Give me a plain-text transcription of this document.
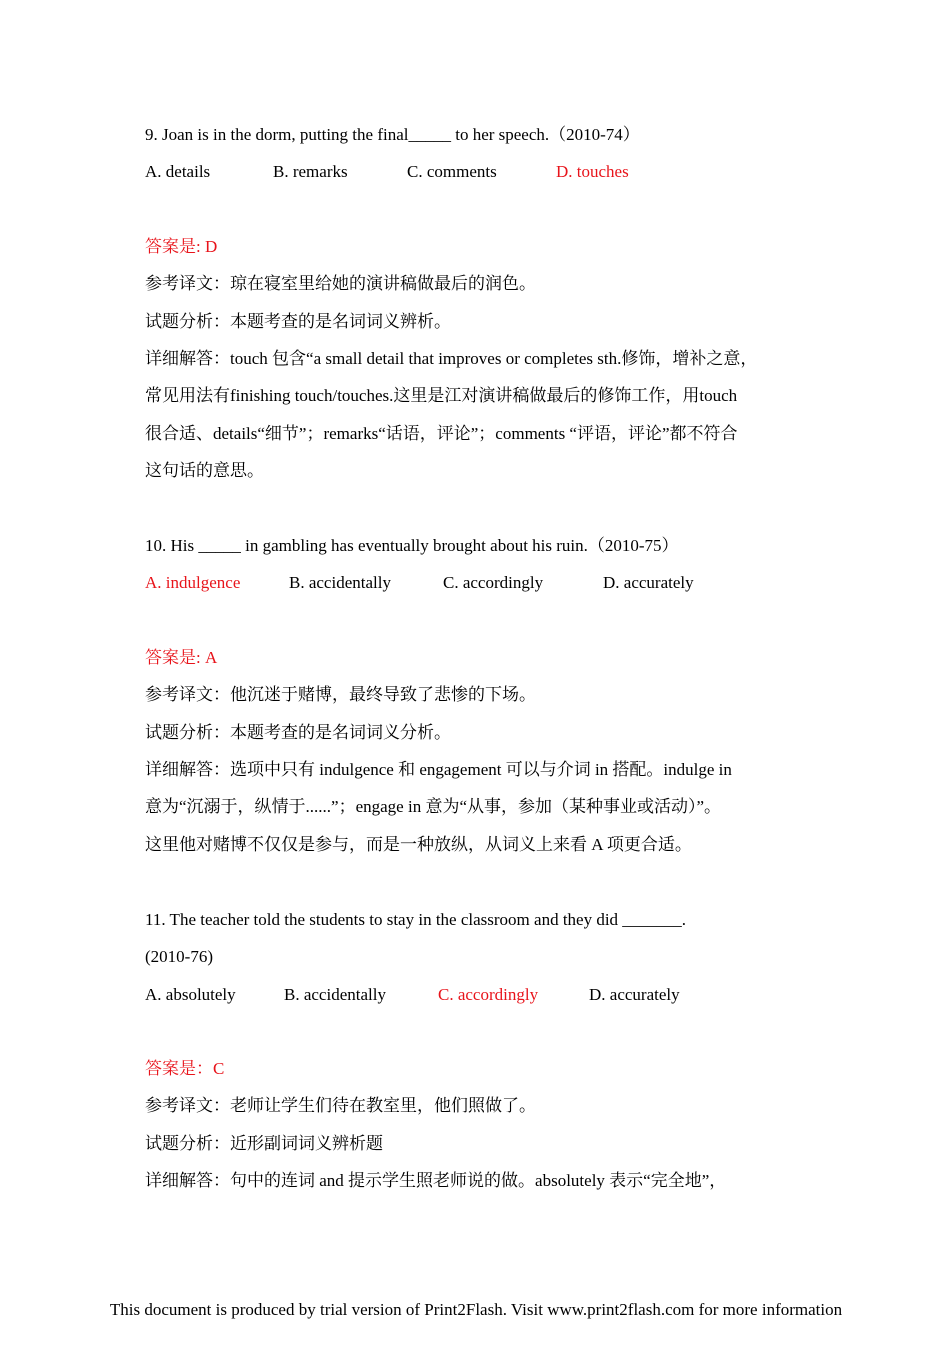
9. Joan is in the dorm, putting the final_____ to her speech.（2010-74）
A. details	B. remarks	C. comments	D. touches
答案是: D
参考译文：琼在寝室里给她的演讲稿做最后的润色。
试题分析：本题考查的是名词词义辨析。
详细解答：touch 包含“a small detail that improves or completes sth.修饰，增补之意，
常见用法有finishing touch/touches.这里是江对演讲稿做最后的修饰工作，用touch
很合适、details“细节”；remarks“话语，评论”；comments “评语，评论”都不符合
这句话的意思。
10. His _____ in gambling has eventually brought about his ruin.（2010-75）
A. indulgence	B. accidentally	C. accordingly	D. accurately
答案是: A
参考译文：他沉迷于赌博，最终导致了悲惨的下场。
试题分析：本题考查的是名词词义分析。
详细解答：选项中只有 indulgence 和 engagement 可以与介词 in 搭配。indulge in
意为“沉溺于，纵情于......”；engage in 意为“从事，参加（某种事业或活动）”。
这里他对赌博不仅仅是参与，而是一种放纵，从词义上来看 A 项更合适。
11. The teacher told the students to stay in the classroom and they did _______.
(2010-76)
A. absolutely	B. accidentally	C. accordingly	D. accurately
答案是：C
参考译文：老师让学生们待在教室里，他们照做了。
试题分析：近形副词词义辨析题
详细解答：句中的连词 and 提示学生照老师说的做。absolutely 表示“完全地”，
This document is produced by trial version of Print2Flash. Visit www.print2flash.com for more information
